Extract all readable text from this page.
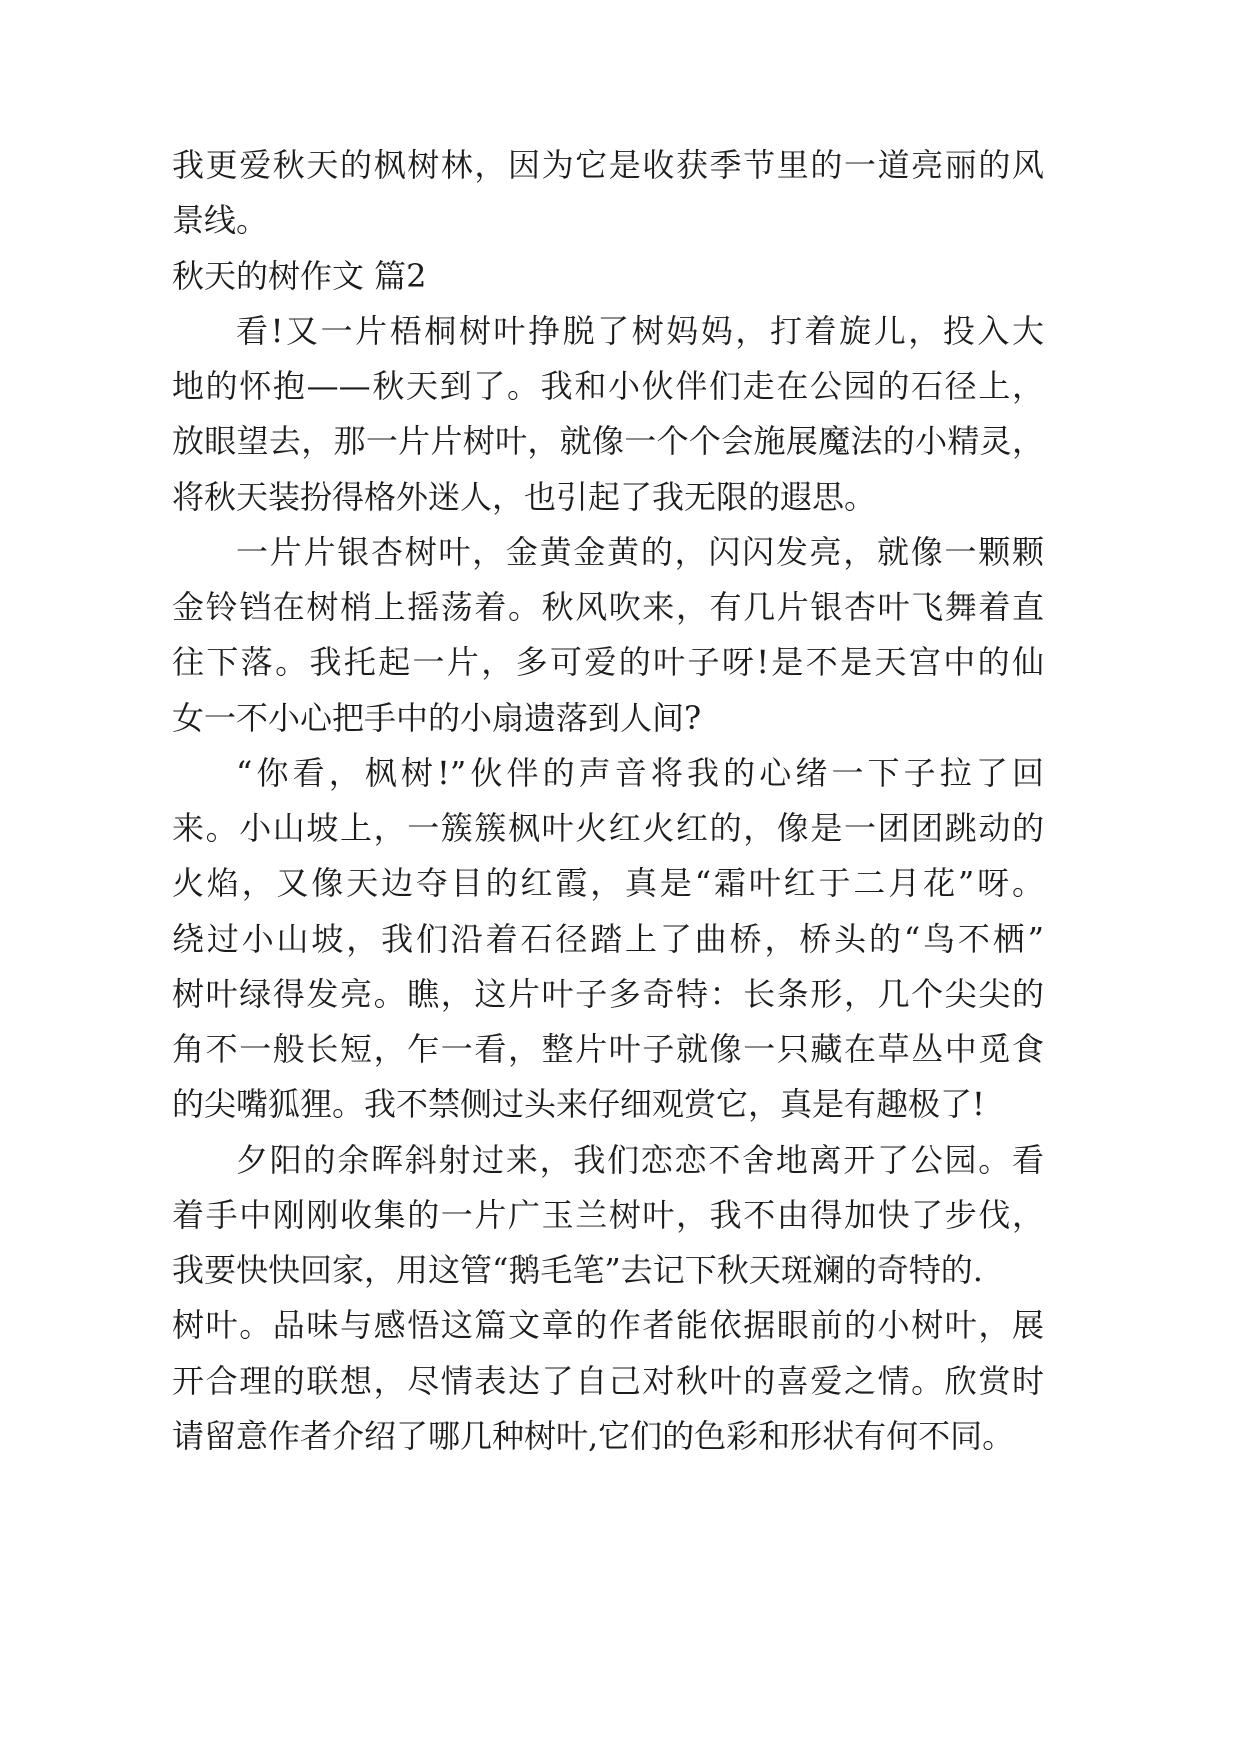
我更爱秋天的枫树林，因为它是收获季节里的一道亮丽的风
景线。
秋天的树作文 篇2
看!又一片梧桐树叶挣脱了树妈妈，打着旋儿，投入大
地的怀抱——秋天到了。我和小伙伴们走在公园的石径上，
放眼望去，那一片片树叶，就像一个个会施展魔法的小精灵，
将秋天装扮得格外迷人，也引起了我无限的遐思。
一片片银杏树叶，金黄金黄的，闪闪发亮，就像一颗颗
金铃铛在树梢上摇荡着。秋风吹来，有几片银杏叶飞舞着直
往下落。我托起一片，多可爱的叶子呀!是不是天宫中的仙
女一不小心把手中的小扇遗落到人间?
“你看，枫树!”伙伴的声音将我的心绪一下子拉了回
来。小山坡上，一簇簇枫叶火红火红的，像是一团团跳动的
火焰，又像天边夺目的红霞，真是“霜叶红于二月花”呀。
绕过小山坡，我们沿着石径踏上了曲桥，桥头的“鸟不栖”
树叶绿得发亮。瞧，这片叶子多奇特：长条形，几个尖尖的
角不一般长短，乍一看，整片叶子就像一只藏在草丛中觅食
的尖嘴狐狸。我不禁侧过头来仔细观赏它，真是有趣极了!
夕阳的余晖斜射过来，我们恋恋不舍地离开了公园。看
着手中刚刚收集的一片广玉兰树叶，我不由得加快了步伐，
我要快快回家，用这管“鹅毛笔”去记下秋天斑斓的奇特的.
树叶。品味与感悟这篇文章的作者能依据眼前的小树叶，展
开合理的联想，尽情表达了自己对秋叶的喜爱之情。欣赏时
请留意作者介绍了哪几种树叶,它们的色彩和形状有何不同。
